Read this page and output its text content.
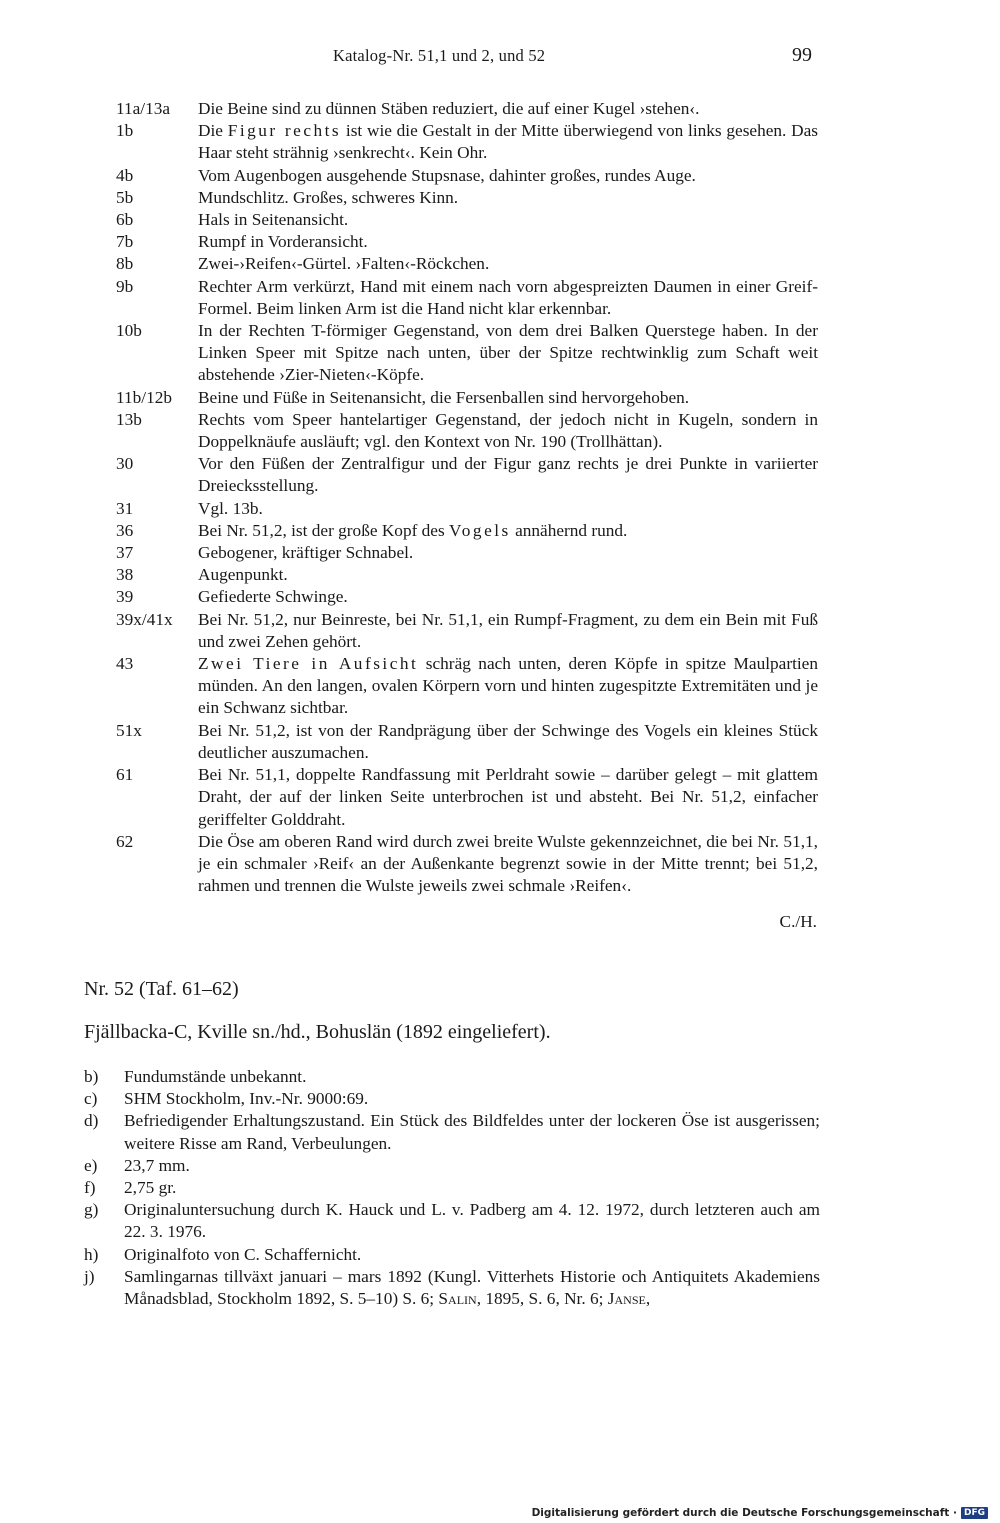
Katalog-Nr. 51,1 und 2, und 52	99
11a/13a	Die Beine sind zu dünnen Stäben reduziert, die auf einer Kugel ›stehen‹.
1b	Die Figur rechts ist wie die Gestalt in der Mitte überwiegend von links gesehen. Das Haar steht strähnig ›senkrecht‹. Kein Ohr.
4b	Vom Augenbogen ausgehende Stupsnase, dahinter großes, rundes Auge.
5b	Mundschlitz. Großes, schweres Kinn.
6b	Hals in Seitenansicht.
7b	Rumpf in Vorderansicht.
8b	Zwei-›Reifen‹-Gürtel. ›Falten‹-Röckchen.
9b	Rechter Arm verkürzt, Hand mit einem nach vorn abgespreizten Daumen in einer Greif-Formel. Beim linken Arm ist die Hand nicht klar erkennbar.
10b	In der Rechten T-förmiger Gegenstand, von dem drei Balken Querstege haben. In der Linken Speer mit Spitze nach unten, über der Spitze rechtwinklig zum Schaft weit abstehende ›Zier-Nieten‹-Köpfe.
11b/12b	Beine und Füße in Seitenansicht, die Fersenballen sind hervorgehoben.
13b	Rechts vom Speer hantelartiger Gegenstand, der jedoch nicht in Kugeln, sondern in Doppelknäufe ausläuft; vgl. den Kontext von Nr. 190 (Trollhättan).
30	Vor den Füßen der Zentralfigur und der Figur ganz rechts je drei Punkte in variierter Dreiecksstellung.
31	Vgl. 13b.
36	Bei Nr. 51,2, ist der große Kopf des Vogels annähernd rund.
37	Gebogener, kräftiger Schnabel.
38	Augenpunkt.
39	Gefiederte Schwinge.
39x/41x	Bei Nr. 51,2, nur Beinreste, bei Nr. 51,1, ein Rumpf-Fragment, zu dem ein Bein mit Fuß und zwei Zehen gehört.
43	Zwei Tiere in Aufsicht schräg nach unten, deren Köpfe in spitze Maulpartien münden. An den langen, ovalen Körpern vorn und hinten zugespitzte Extremitäten und je ein Schwanz sichtbar.
51x	Bei Nr. 51,2, ist von der Randprägung über der Schwinge des Vogels ein kleines Stück deutlicher auszumachen.
61	Bei Nr. 51,1, doppelte Randfassung mit Perldraht sowie – darüber gelegt – mit glattem Draht, der auf der linken Seite unterbrochen ist und absteht. Bei Nr. 51,2, einfacher geriffelter Golddraht.
62	Die Öse am oberen Rand wird durch zwei breite Wulste gekennzeichnet, die bei Nr. 51,1, je ein schmaler ›Reif‹ an der Außenkante begrenzt sowie in der Mitte trennt; bei 51,2, rahmen und trennen die Wulste jeweils zwei schmale ›Reifen‹.
C./H.
Nr. 52 (Taf. 61–62)
Fjällbacka-C, Kville sn./hd., Bohuslän (1892 eingeliefert).
b)	Fundumstände unbekannt.
c)	SHM Stockholm, Inv.-Nr. 9000:69.
d)	Befriedigender Erhaltungszustand. Ein Stück des Bildfeldes unter der lockeren Öse ist ausgerissen; weitere Risse am Rand, Verbeulungen.
e)	23,7 mm.
f)	2,75 gr.
g)	Originaluntersuchung durch K. Hauck und L. v. Padberg am 4. 12. 1972, durch letzteren auch am 22. 3. 1976.
h)	Originalfoto von C. Schaffernicht.
j)	Samlingarnas tillväxt januari – mars 1892 (Kungl. Vitterhets Historie och Antiquitets Akademiens Månadsblad, Stockholm 1892, S. 5–10) S. 6; Salin, 1895, S. 6, Nr. 6; Janse,
Digitalisierung gefördert durch die Deutsche Forschungsgemeinschaft · DFG
